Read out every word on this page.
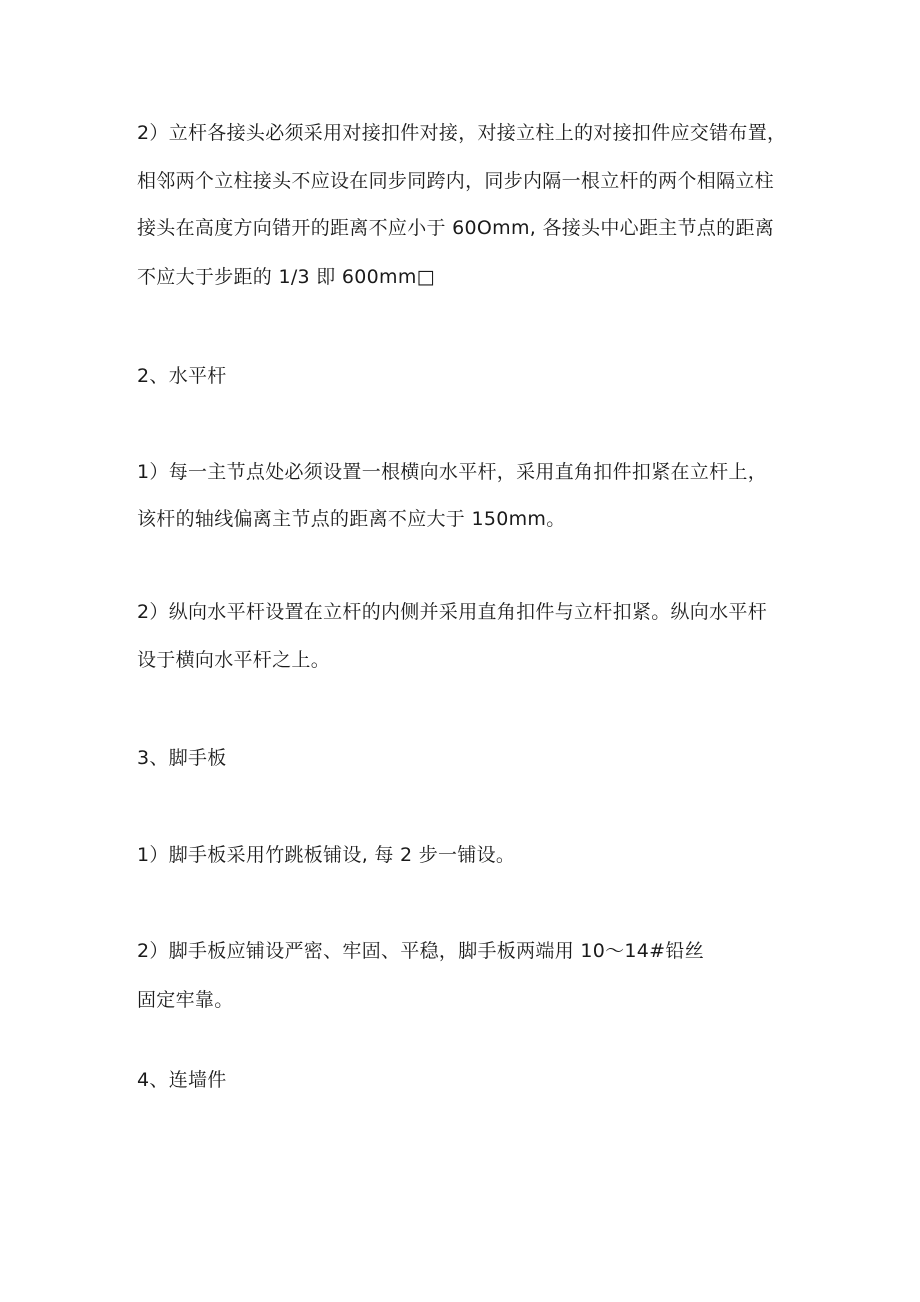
2）立杆各接头必须采用对接扣件对接，对接立柱上的对接扣件应交错布置，
相邻两个立柱接头不应设在同步同跨内，同步内隔一根立杆的两个相隔立柱
接头在高度方向错开的距离不应小于 60Omm, 各接头中心距主节点的距离
不应大于步距的 1/3 即 600mm□
2、水平杆
1）每一主节点处必须设置一根横向水平杆，采用直角扣件扣紧在立杆上，
该杆的轴线偏离主节点的距离不应大于 150mm。
2）纵向水平杆设置在立杆的内侧并采用直角扣件与立杆扣紧。纵向水平杆
设于横向水平杆之上。
3、脚手板
1）脚手板采用竹跳板铺设, 每 2 步一铺设。
2）脚手板应铺设严密、牢固、平稳，脚手板两端用 10～14#铅丝
固定牢靠。
4、连墙件
